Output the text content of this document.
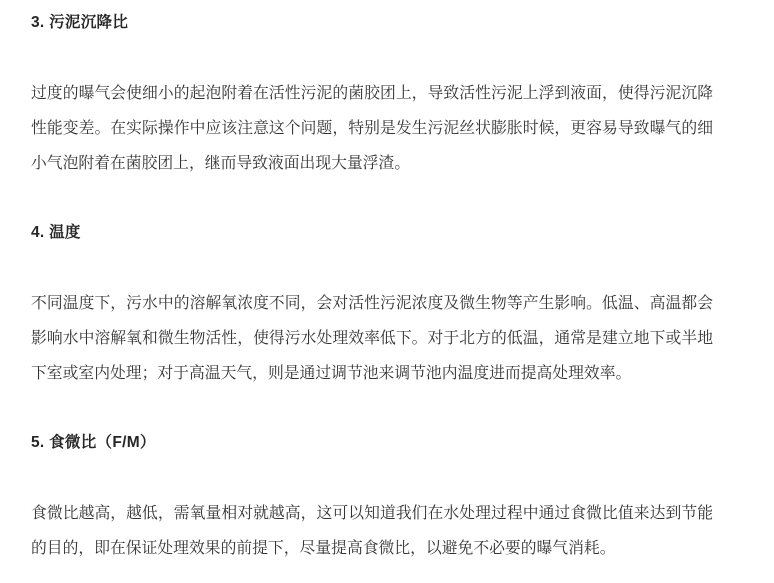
3. 污泥沉降比
过度的曝气会使细小的起泡附着在活性污泥的菌胶团上，导致活性污泥上浮到液面，使得污泥沉降
性能变差。在实际操作中应该注意这个问题，特别是发生污泥丝状膨胀时候，更容易导致曝气的细
小气泡附着在菌胶团上，继而导致液面出现大量浮渣。
4. 温度
不同温度下，污水中的溶解氧浓度不同，会对活性污泥浓度及微生物等产生影响。低温、高温都会
影响水中溶解氧和微生物活性，使得污水处理效率低下。对于北方的低温，通常是建立地下或半地
下室或室内处理；对于高温天气，则是通过调节池来调节池内温度进而提高处理效率。
5. 食微比（F/M）
食微比越高，越低，需氧量相对就越高，这可以知道我们在水处理过程中通过食微比值来达到节能
的目的，即在保证处理效果的前提下，尽量提高食微比，以避免不必要的曝气消耗。
